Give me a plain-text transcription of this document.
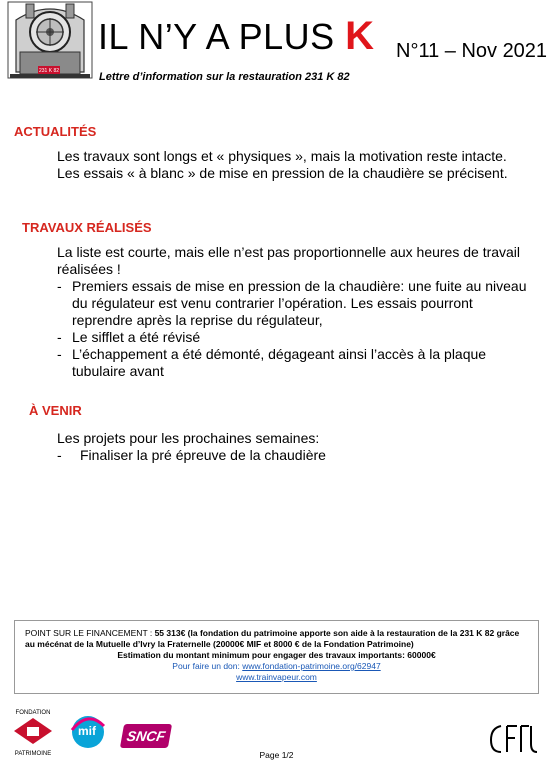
231 K 82
IL N’Y A PLUS K N°11 – Nov 2021
Lettre d’information sur la restauration 231 K 82
ACTUALITÉS
Les travaux sont longs et « physiques », mais la motivation reste intacte. Les essais « à blanc » de mise en pression de la chaudière se précisent.
TRAVAUX RÉALISÉS
La liste est courte, mais elle n’est pas proportionnelle aux heures de travail réalisées !
- Premiers essais de mise en pression de la chaudière: une fuite au niveau du régulateur est venu contrarier l’opération. Les essais pourront reprendre après la reprise du régulateur,
- Le sifflet a été révisé
- L’échappement a été démonté, dégageant ainsi l’accès à la plaque tubulaire avant
À VENIR
Les projets pour les prochaines semaines:
- Finaliser la pré épreuve de la chaudière
POINT SUR LE FINANCEMENT : 55 313€ (la fondation du patrimoine apporte son aide à la restauration de la 231 K 82 grâce au mécénat de la Mutuelle d’Ivry la Fraternelle (20000€ MIF et 8000 € de la Fondation Patrimoine)
Estimation du montant minimum pour engager des travaux importants: 60000€
Pour faire un don: www.fondation-patrimoine.org/62947
www.trainvapeur.com
FONDATION
PATRIMOINE
mif	SNCF
Page 1/2
